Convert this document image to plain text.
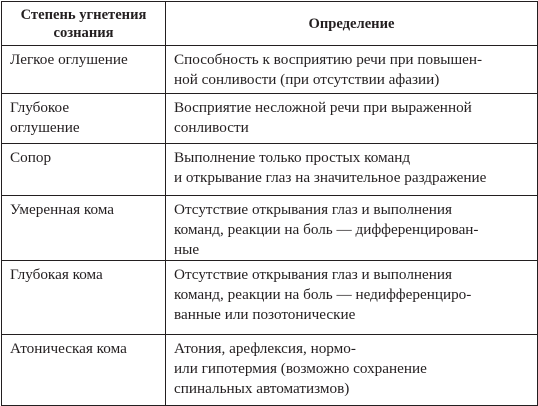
Степень угнетения
сознания	Определение

Легкое оглушение	Способность к восприятию речи при повышен-
ной сонливости (при отсутствии афазии)

Глубокое
оглушение	Восприятие несложной речи при выраженной
сонливости

Сопор	Выполнение только простых команд
и открывание глаз на значительное раздражение

Умеренная кома	Отсутствие открывания глаз и выполнения
команд, реакции на боль — дифференцирован-
ные

Глубокая кома	Отсутствие открывания глаз и выполнения
команд, реакции на боль — недифференциро-
ванные или позотонические

Атоническая кома	Атония, арефлексия, нормо-
или гипотермия (возможно сохранение
спинальных автоматизмов)
